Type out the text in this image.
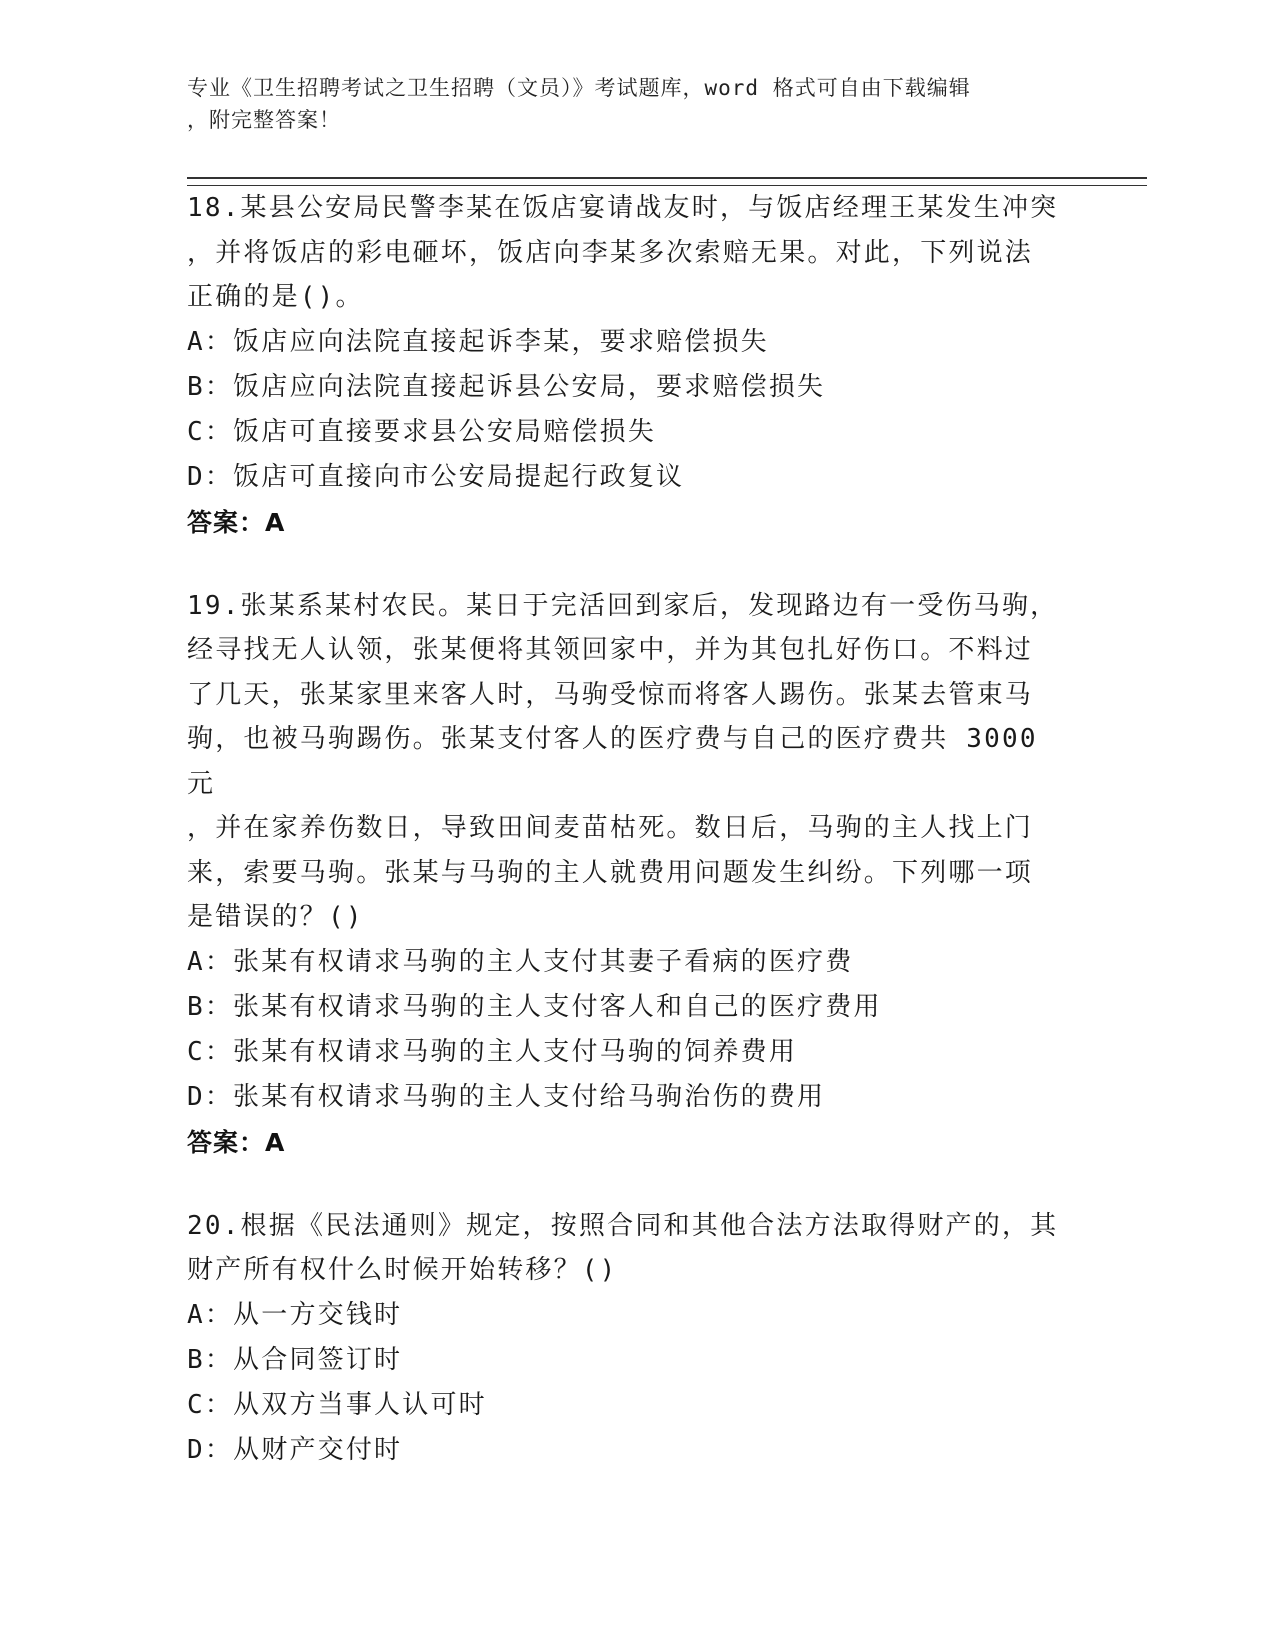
专业《卫生招聘考试之卫生招聘（文员）》考试题库，word 格式可自由下载编辑
，附完整答案！

18.某县公安局民警李某在饭店宴请战友时，与饭店经理王某发生冲突

，并将饭店的彩电砸坏，饭店向李某多次索赔无果。对此，下列说法

正确的是()。

A：饭店应向法院直接起诉李某，要求赔偿损失

B：饭店应向法院直接起诉县公安局，要求赔偿损失

C：饭店可直接要求县公安局赔偿损失

D：饭店可直接向市公安局提起行政复议

答案：A

19.张某系某村农民。某日于完活回到家后，发现路边有一受伤马驹，

经寻找无人认领，张某便将其领回家中，并为其包扎好伤口。不料过

了几天，张某家里来客人时，马驹受惊而将客人踢伤。张某去管束马

驹，也被马驹踢伤。张某支付客人的医疗费与自己的医疗费共 3000 元

，并在家养伤数日，导致田间麦苗枯死。数日后，马驹的主人找上门

来，索要马驹。张某与马驹的主人就费用问题发生纠纷。下列哪一项

是错误的？()

A：张某有权请求马驹的主人支付其妻子看病的医疗费

B：张某有权请求马驹的主人支付客人和自己的医疗费用

C：张某有权请求马驹的主人支付马驹的饲养费用

D：张某有权请求马驹的主人支付给马驹治伤的费用

答案：A

20.根据《民法通则》规定，按照合同和其他合法方法取得财产的，其

财产所有权什么时候开始转移？()

A：从一方交钱时

B：从合同签订时

C：从双方当事人认可时

D：从财产交付时
